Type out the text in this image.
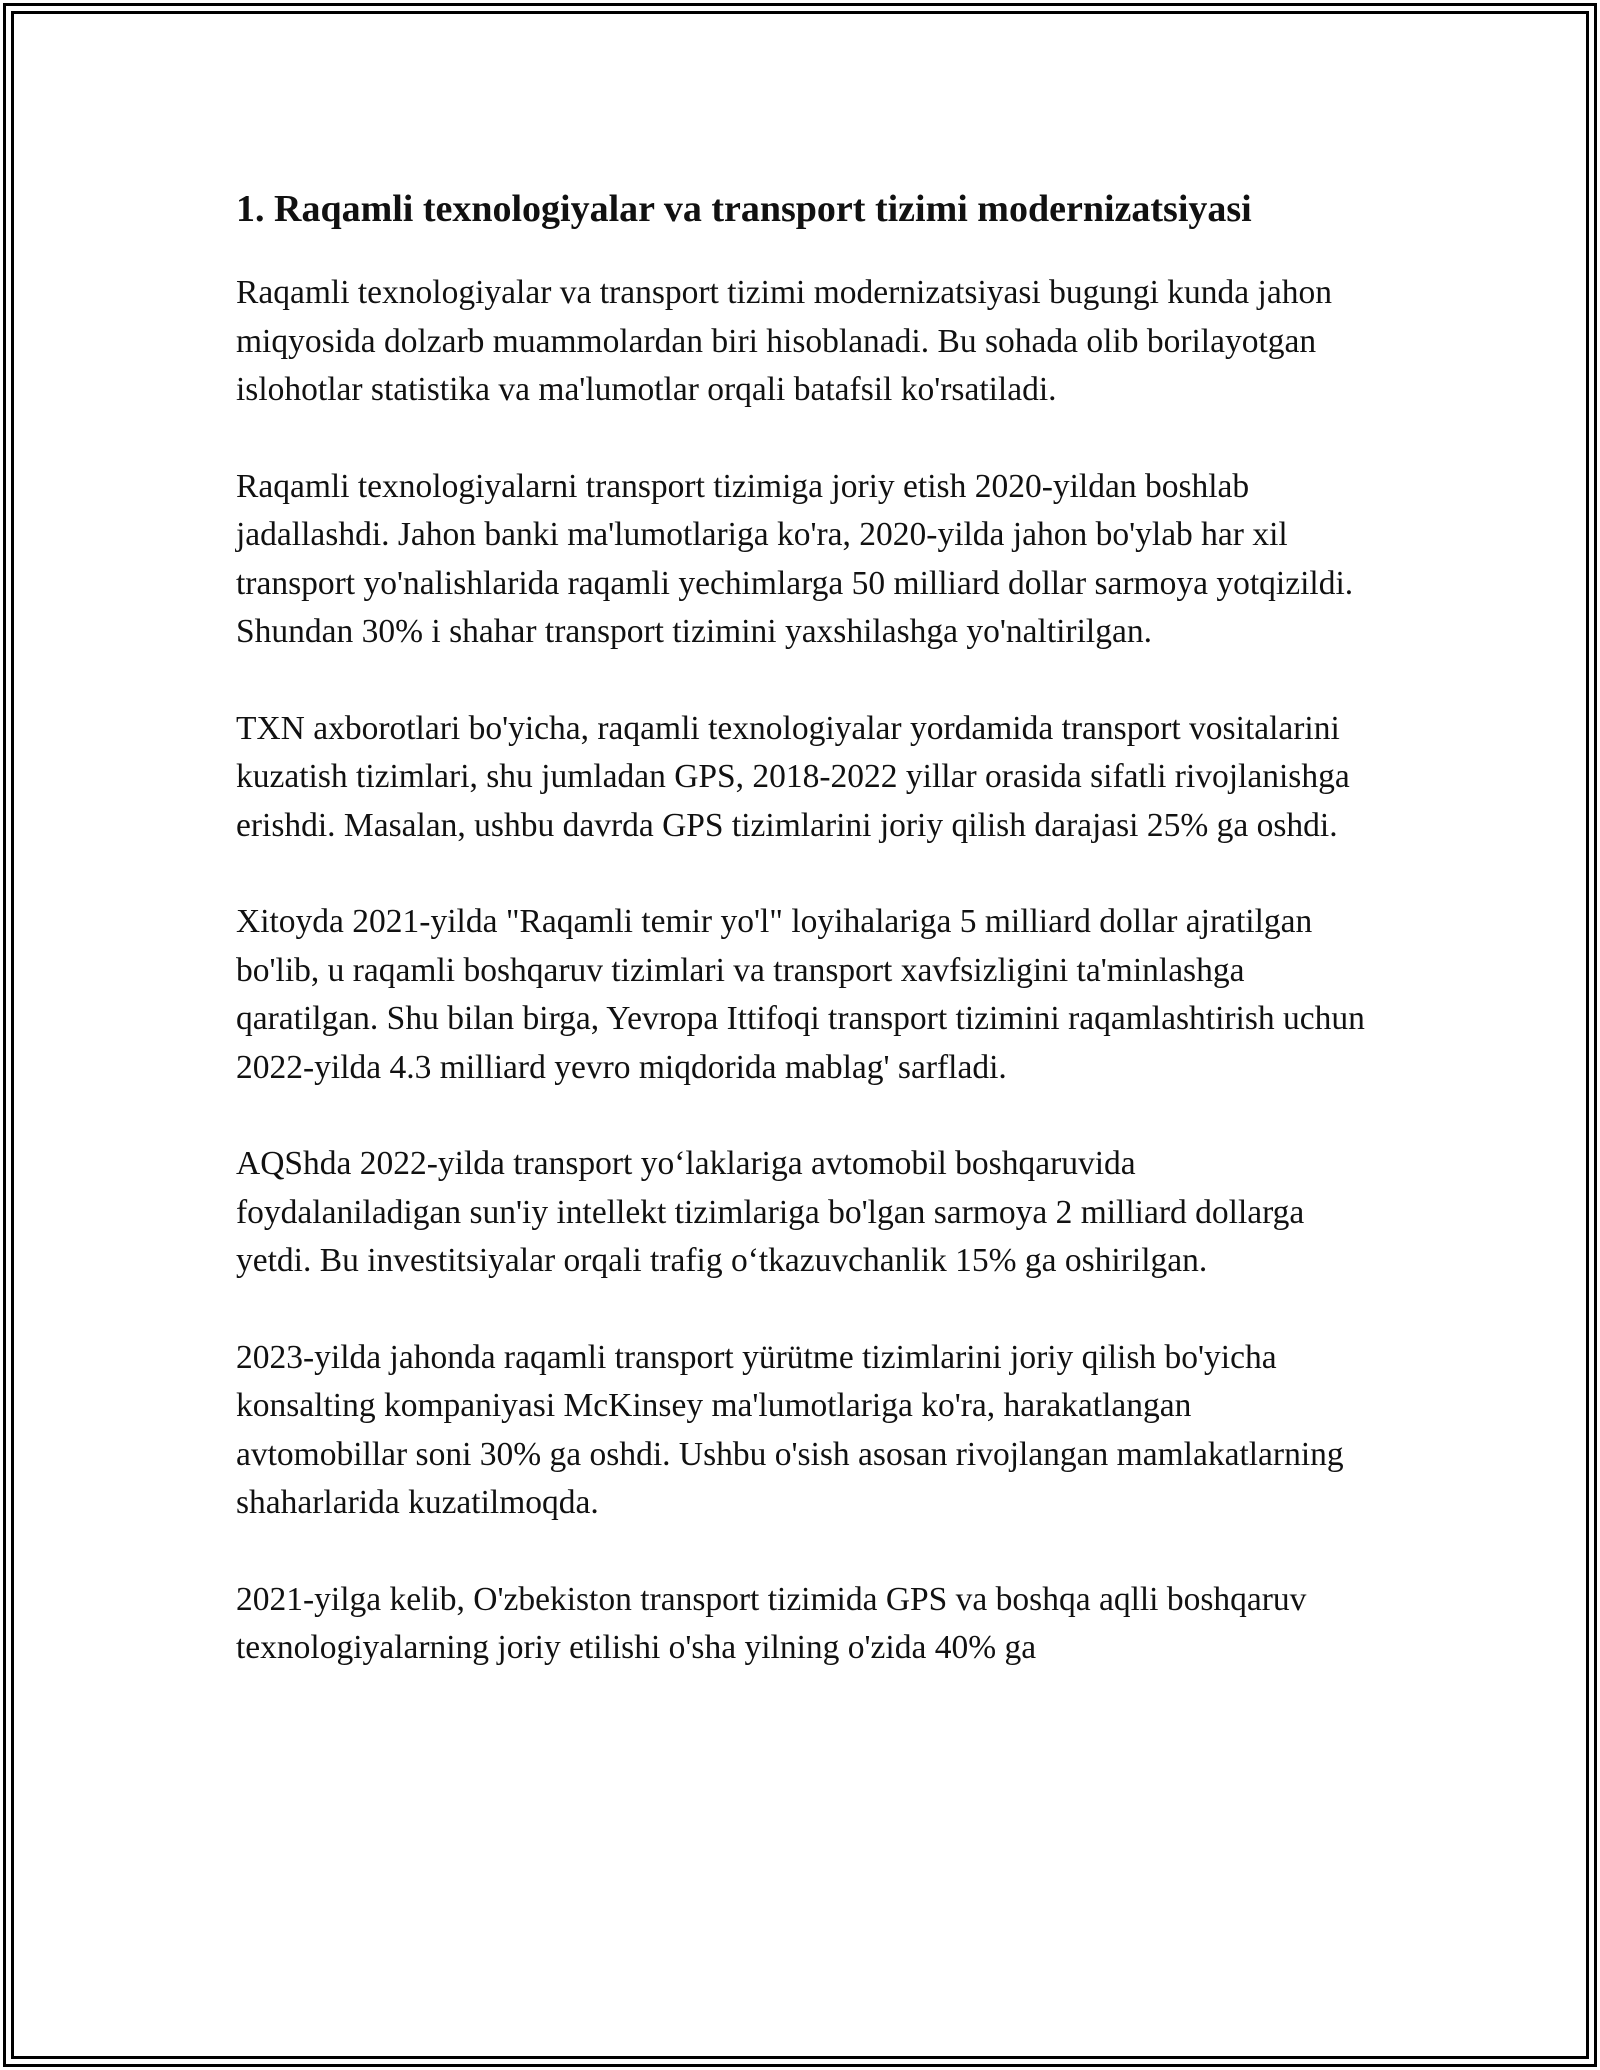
1. Raqamli texnologiyalar va transport tizimi modernizatsiyasi

Raqamli texnologiyalar va transport tizimi modernizatsiyasi bugungi kunda jahon miqyosida dolzarb muammolardan biri hisoblanadi. Bu sohada olib borilayotgan islohotlar statistika va ma'lumotlar orqali batafsil ko'rsatiladi.

Raqamli texnologiyalarni transport tizimiga joriy etish 2020-yildan boshlab jadallashdi. Jahon banki ma'lumotlariga ko'ra, 2020-yilda jahon bo'ylab har xil transport yo'nalishlarida raqamli yechimlarga 50 milliard dollar sarmoya yotqizildi. Shundan 30% i shahar transport tizimini yaxshilashga yo'naltirilgan.

TXN axborotlari bo'yicha, raqamli texnologiyalar yordamida transport vositalarini kuzatish tizimlari, shu jumladan GPS, 2018-2022 yillar orasida sifatli rivojlanishga erishdi. Masalan, ushbu davrda GPS tizimlarini joriy qilish darajasi 25% ga oshdi.

Xitoyda 2021-yilda "Raqamli temir yo'l" loyihalariga 5 milliard dollar ajratilgan bo'lib, u raqamli boshqaruv tizimlari va transport xavfsizligini ta'minlashga qaratilgan. Shu bilan birga, Yevropa Ittifoqi transport tizimini raqamlashtirish uchun 2022-yilda 4.3 milliard yevro miqdorida mablag' sarfladi.

AQShda 2022-yilda transport yo‘laklariga avtomobil boshqaruvida foydalaniladigan sun'iy intellekt tizimlariga bo'lgan sarmoya 2 milliard dollarga yetdi. Bu investitsiyalar orqali trafig o‘tkazuvchanlik 15% ga oshirilgan.

2023-yilda jahonda raqamli transport yürütme tizimlarini joriy qilish bo'yicha konsalting kompaniyasi McKinsey ma'lumotlariga ko'ra, harakatlangan avtomobillar soni 30% ga oshdi. Ushbu o'sish asosan rivojlangan mamlakatlarning shaharlarida kuzatilmoqda.

2021-yilga kelib, O'zbekiston transport tizimida GPS va boshqa aqlli boshqaruv texnologiyalarning joriy etilishi o'sha yilning o'zida 40% ga
